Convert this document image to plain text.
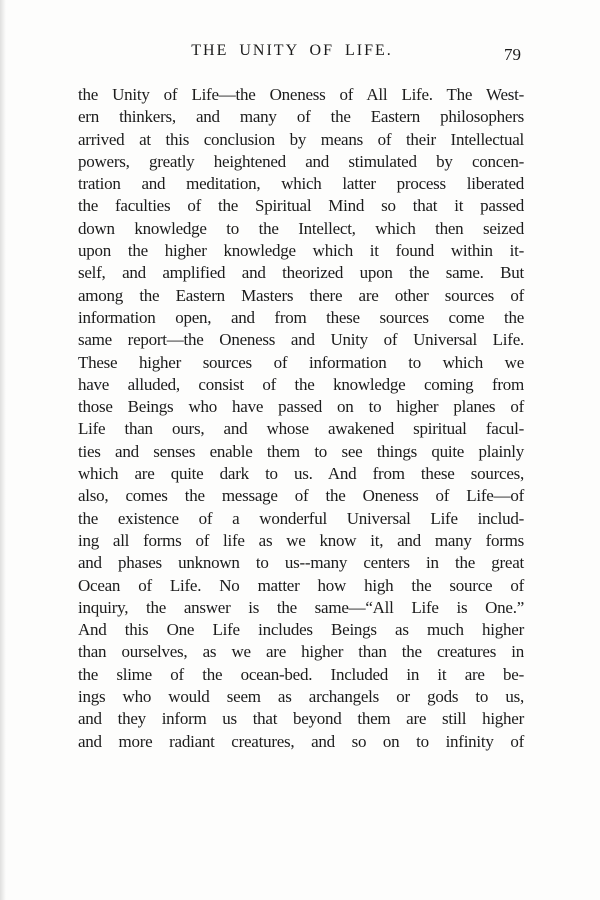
THE UNITY OF LIFE.	79
the Unity of Life—the Oneness of All Life. The West-
ern thinkers, and many of the Eastern philosophers
arrived at this conclusion by means of their Intellectual
powers, greatly heightened and stimulated by concen-
tration and meditation, which latter process liberated
the faculties of the Spiritual Mind so that it passed
down knowledge to the Intellect, which then seized
upon the higher knowledge which it found within it-
self, and amplified and theorized upon the same. But
among the Eastern Masters there are other sources of
information open, and from these sources come the
same report—the Oneness and Unity of Universal Life.
These higher sources of information to which we
have alluded, consist of the knowledge coming from
those Beings who have passed on to higher planes of
Life than ours, and whose awakened spiritual facul-
ties and senses enable them to see things quite plainly
which are quite dark to us. And from these sources,
also, comes the message of the Oneness of Life—of
the existence of a wonderful Universal Life includ-
ing all forms of life as we know it, and many forms
and phases unknown to us--many centers in the great
Ocean of Life. No matter how high the source of
inquiry, the answer is the same—“All Life is One.”
And this One Life includes Beings as much higher
than ourselves, as we are higher than the creatures in
the slime of the ocean-bed. Included in it are be-
ings who would seem as archangels or gods to us,
and they inform us that beyond them are still higher
and more radiant creatures, and so on to infinity of
